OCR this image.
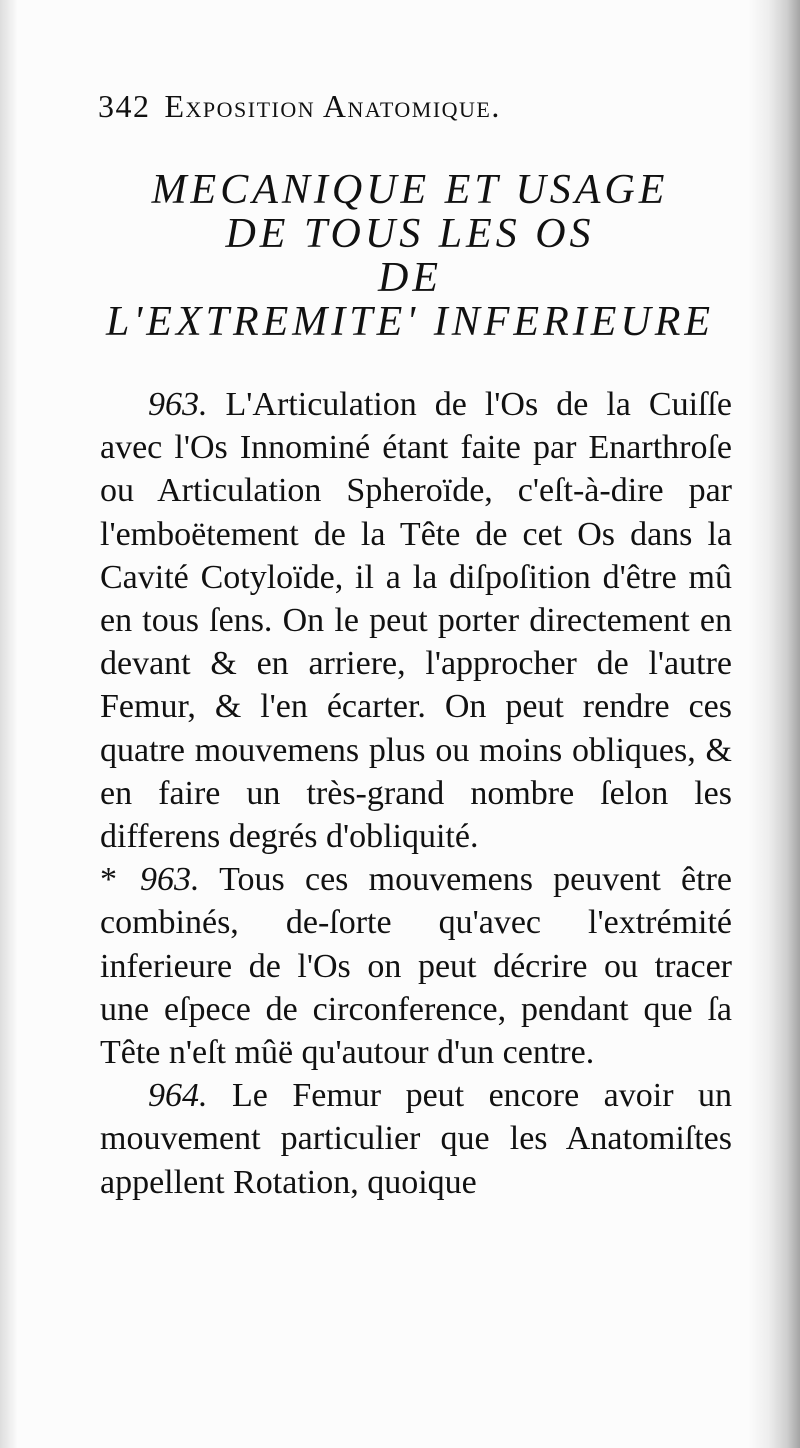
342 Exposition Anatomique.
MECANIQUE ET USAGE
DE TOUS LES OS
DE
L'EXTREMITE' INFERIEURE

963. L'Articulation de l'Os de la Cuiſſe avec l'Os Innominé étant faite par Enarthroſe ou Articulation Spheroïde, c'eſt-à-dire par l'emboëtement de la Tête de cet Os dans la Cavité Cotyloïde, il a la diſpoſition d'être mû en tous ſens. On le peut porter directement en devant & en arriere, l'approcher de l'autre Femur, & l'en écarter. On peut rendre ces quatre mouvemens plus ou moins obliques, & en faire un très-grand nombre ſelon les differens degrés d'obliquité.

* 963. Tous ces mouvemens peuvent être combinés, de-ſorte qu'avec l'extrémité inferieure de l'Os on peut décrire ou tracer une eſpece de circonference, pendant que ſa Tête n'eſt mûë qu'autour d'un centre.

964. Le Femur peut encore avoir un mouvement particulier que les Anatomiſtes appellent Rotation, quoique
